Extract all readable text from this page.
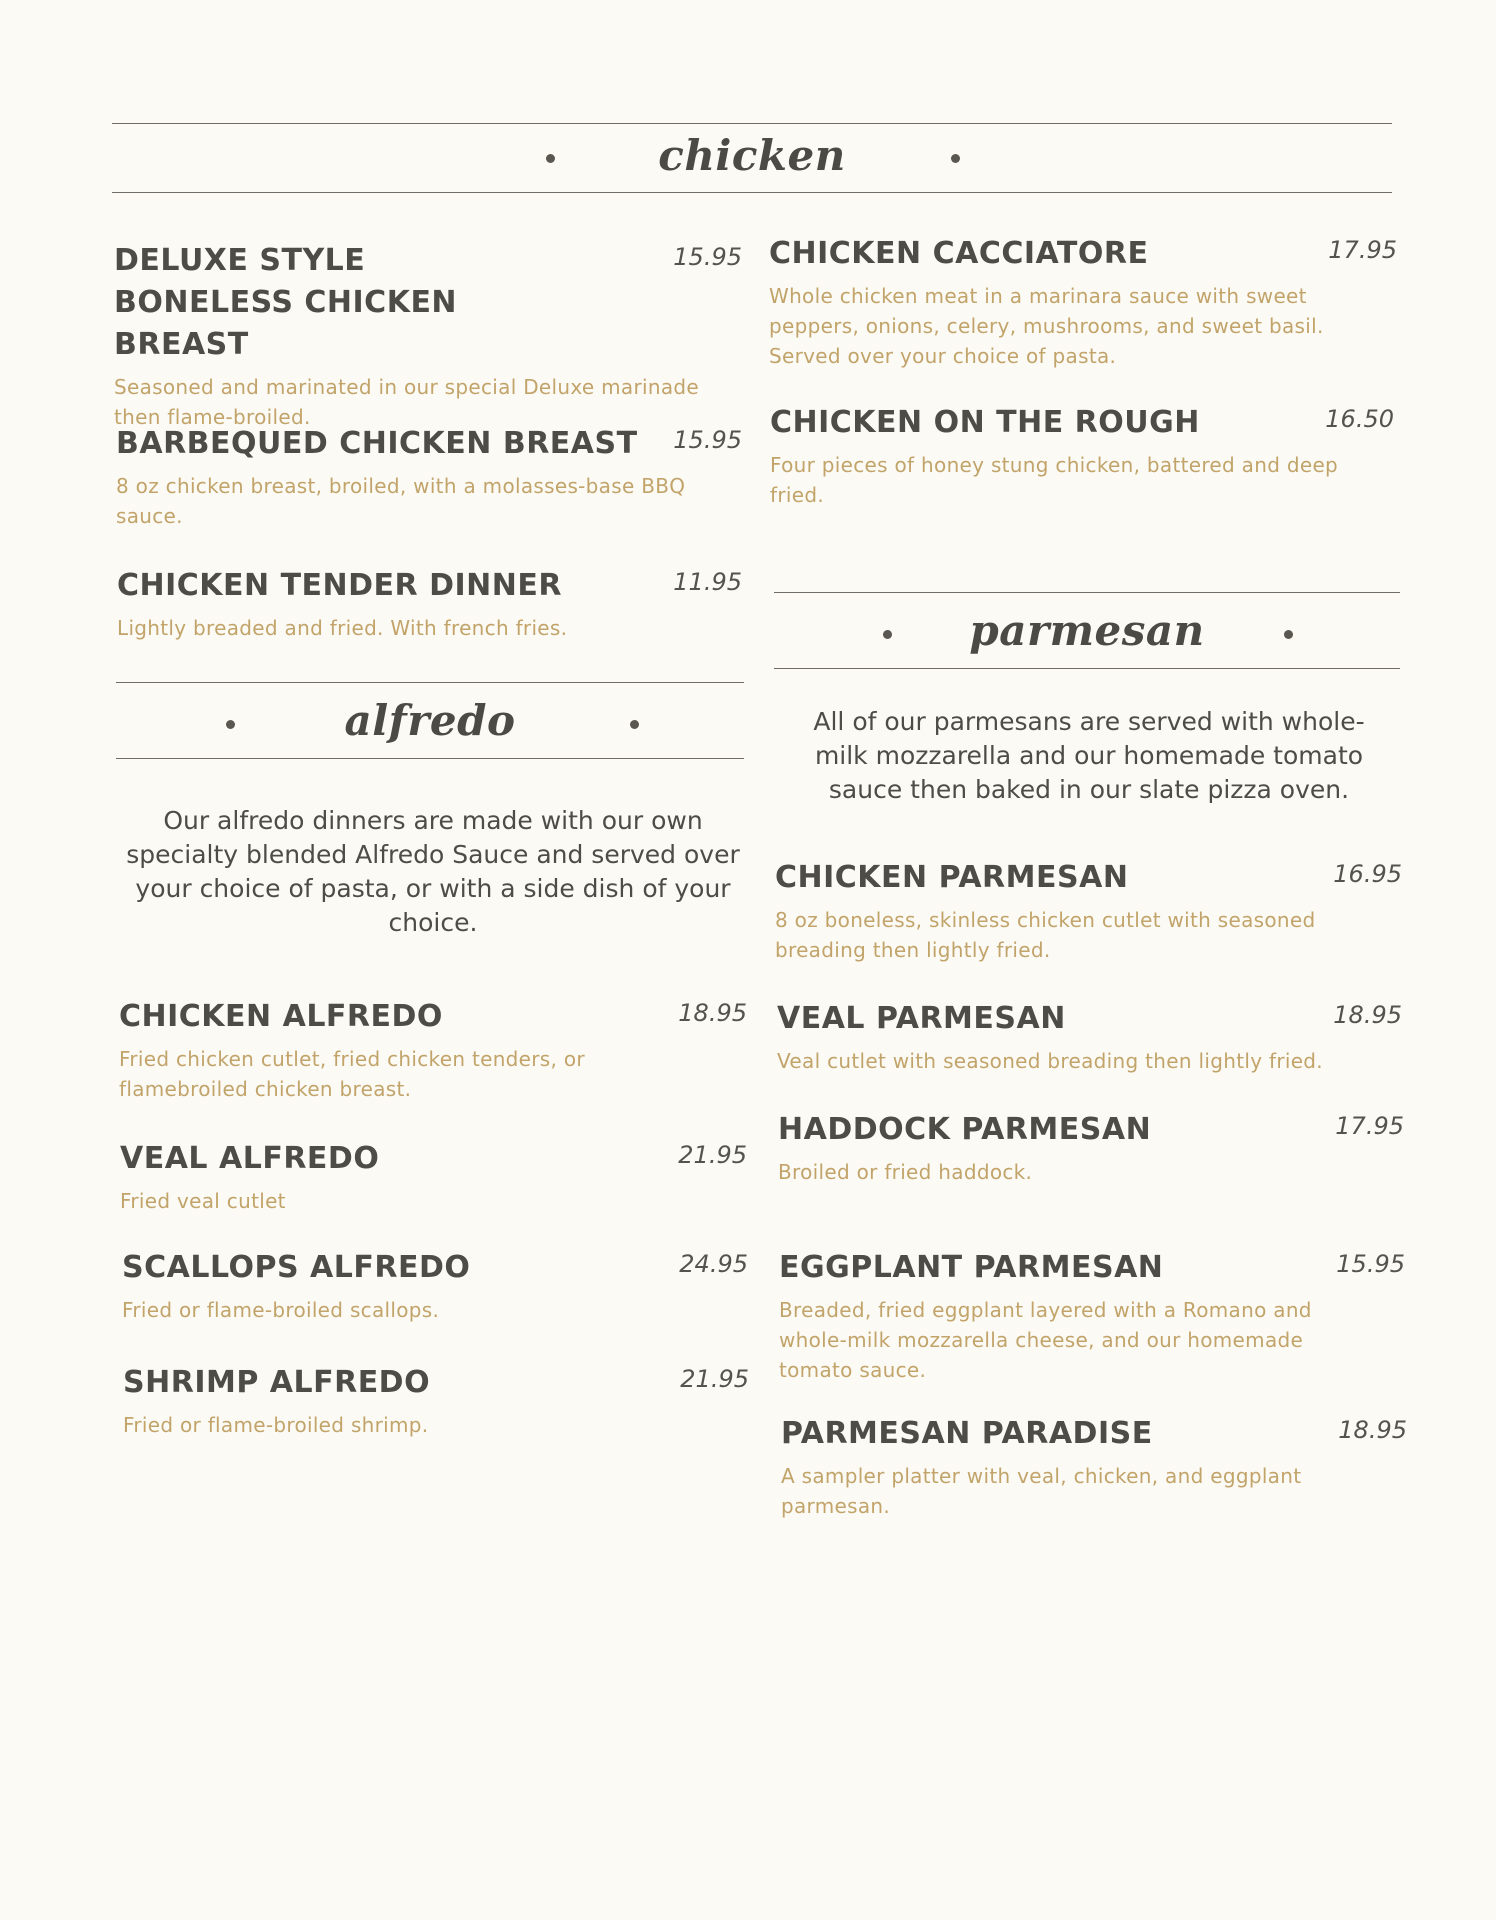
chicken
DELUXE STYLE BONELESS CHICKEN BREAST
15.95
Seasoned and marinated in our special Deluxe marinade then flame-broiled.
BARBEQUED CHICKEN BREAST	15.95
8 oz chicken breast, broiled, with a molasses-base BBQ sauce.
CHICKEN TENDER DINNER	11.95
Lightly breaded and fried. With french fries.
CHICKEN CACCIATORE	17.95
Whole chicken meat in a marinara sauce with sweet peppers, onions, celery, mushrooms, and sweet basil. Served over your choice of pasta.
CHICKEN ON THE ROUGH	16.50
Four pieces of honey stung chicken, battered and deep fried.
alfredo
Our alfredo dinners are made with our own specialty blended Alfredo Sauce and served over your choice of pasta, or with a side dish of your choice.
CHICKEN ALFREDO	18.95
Fried chicken cutlet, fried chicken tenders, or flamebroiled chicken breast.
VEAL ALFREDO	21.95
Fried veal cutlet
SCALLOPS ALFREDO	24.95
Fried or flame-broiled scallops.
SHRIMP ALFREDO	21.95
Fried or flame-broiled shrimp.
parmesan
All of our parmesans are served with whole-milk mozzarella and our homemade tomato sauce then baked in our slate pizza oven.
CHICKEN PARMESAN	16.95
8 oz boneless, skinless chicken cutlet with seasoned breading then lightly fried.
VEAL PARMESAN	18.95
Veal cutlet with seasoned breading then lightly fried.
HADDOCK PARMESAN	17.95
Broiled or fried haddock.
EGGPLANT PARMESAN	15.95
Breaded, fried eggplant layered with a Romano and whole-milk mozzarella cheese, and our homemade tomato sauce.
PARMESAN PARADISE	18.95
A sampler platter with veal, chicken, and eggplant parmesan.
